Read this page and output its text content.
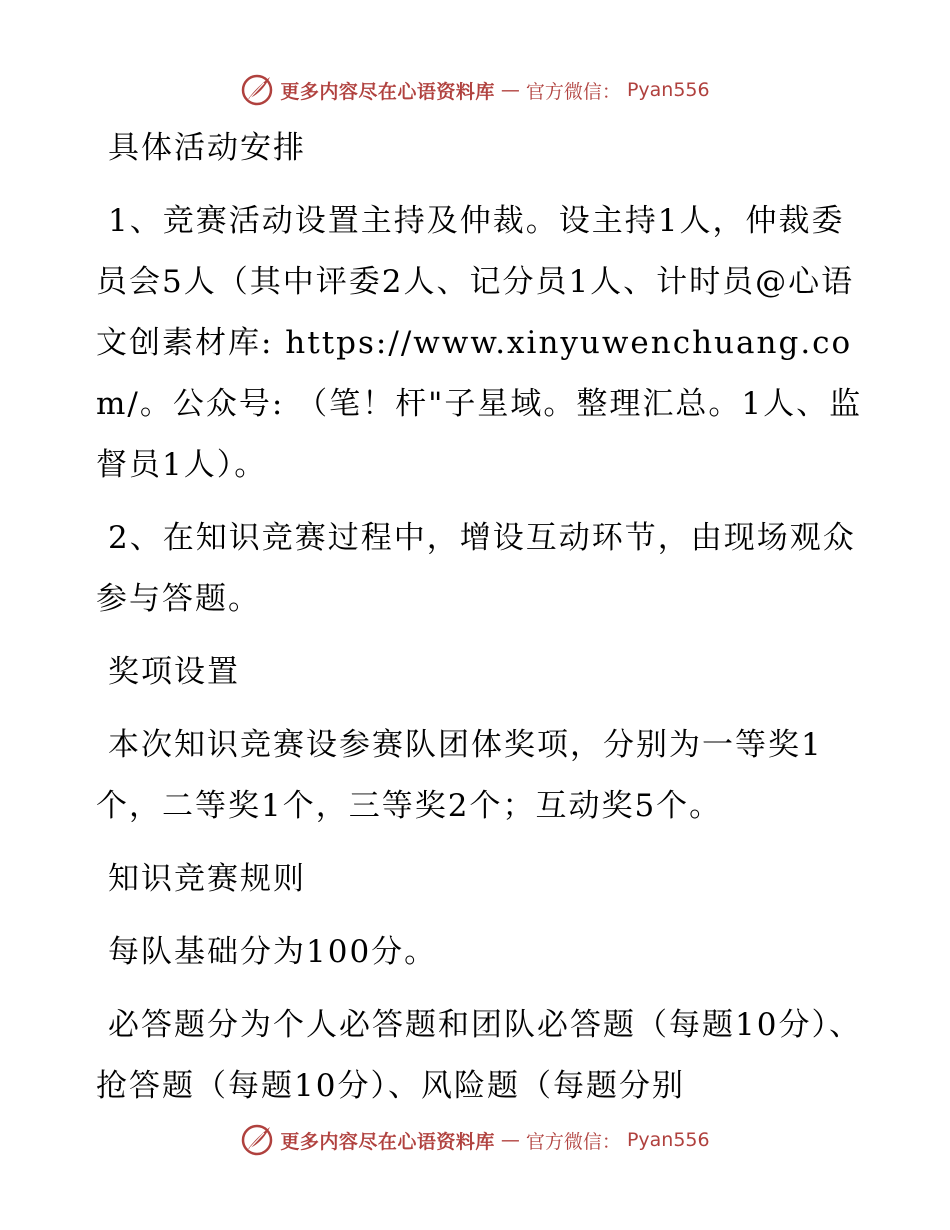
更多内容尽在心语资料库 — 官方微信： Pyan556

具体活动安排

1、竞赛活动设置主持及仲裁。设主持1人，仲裁委员会5人（其中评委2人、记分员1人、计时员@心语文创素材库: https://www.xinyuwenchuang.com/。公众号: （笔！杆"子星域。整理汇总。1人、监督员1人）。

2、在知识竞赛过程中，增设互动环节，由现场观众参与答题。

奖项设置

本次知识竞赛设参赛队团体奖项，分别为一等奖1个，二等奖1个，三等奖2个；互动奖5个。

知识竞赛规则

每队基础分为100分。

必答题分为个人必答题和团队必答题（每题10分）、抢答题（每题10分）、风险题（每题分别

更多内容尽在心语资料库 — 官方微信： Pyan556
